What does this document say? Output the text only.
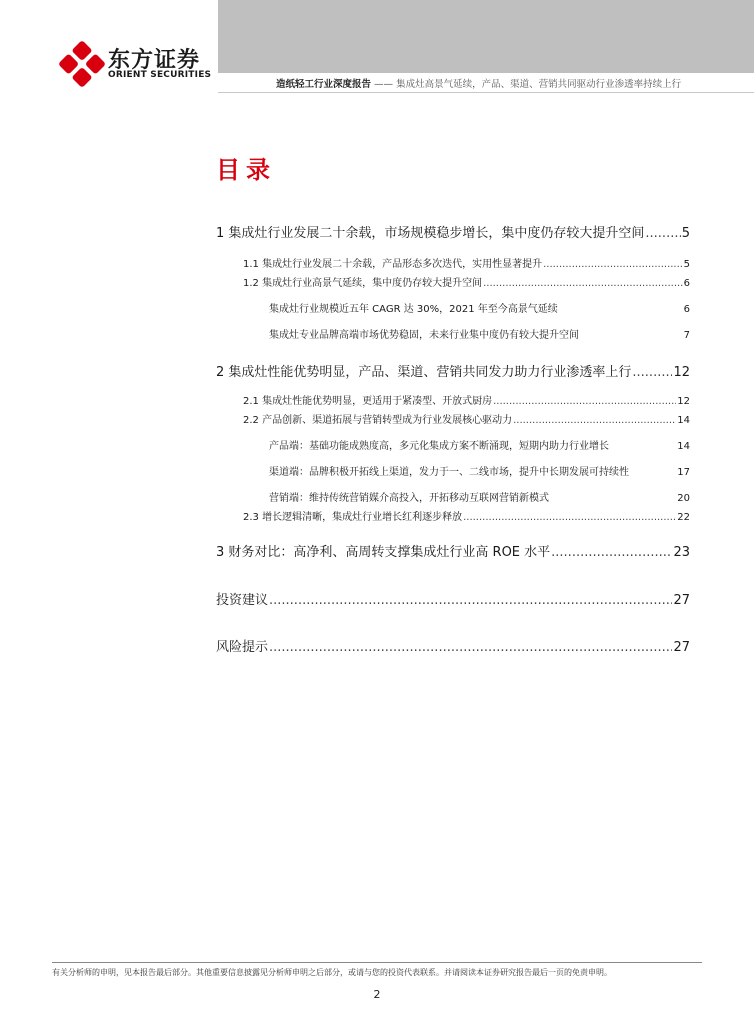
东方证券
ORIENT SECURITIES
造纸轻工行业深度报告 —— 集成灶高景气延续，产品、渠道、营销共同驱动行业渗透率持续上行
目录
1 集成灶行业发展二十余载，市场规模稳步增长，集中度仍存较大提升空间 .....	5
1.1 集成灶行业发展二十余载，产品形态多次迭代，实用性显著提升 .....	5
1.2 集成灶行业高景气延续，集中度仍存较大提升空间 .....	6
集成灶行业规模近五年 CAGR 达 30%，2021 年至今高景气延续	6
集成灶专业品牌高端市场优势稳固，未来行业集中度仍有较大提升空间	7
2 集成灶性能优势明显，产品、渠道、营销共同发力助力行业渗透率上行 .....	12
2.1 集成灶性能优势明显，更适用于紧凑型、开放式厨房 .....	12
2.2 产品创新、渠道拓展与营销转型成为行业发展核心驱动力 .....	14
产品端：基础功能成熟度高，多元化集成方案不断涌现，短期内助力行业增长	14
渠道端：品牌积极开拓线上渠道，发力于一、二线市场，提升中长期发展可持续性	17
营销端：维持传统营销媒介高投入，开拓移动互联网营销新模式	20
2.3 增长逻辑清晰，集成灶行业增长红利逐步释放 .....	22
3 财务对比：高净利、高周转支撑集成灶行业高 ROE 水平 .....	23
投资建议 .....	27
风险提示 .....	27
有关分析师的申明，见本报告最后部分。其他重要信息披露见分析师申明之后部分，或请与您的投资代表联系。并请阅读本证券研究报告最后一页的免责申明。
2
